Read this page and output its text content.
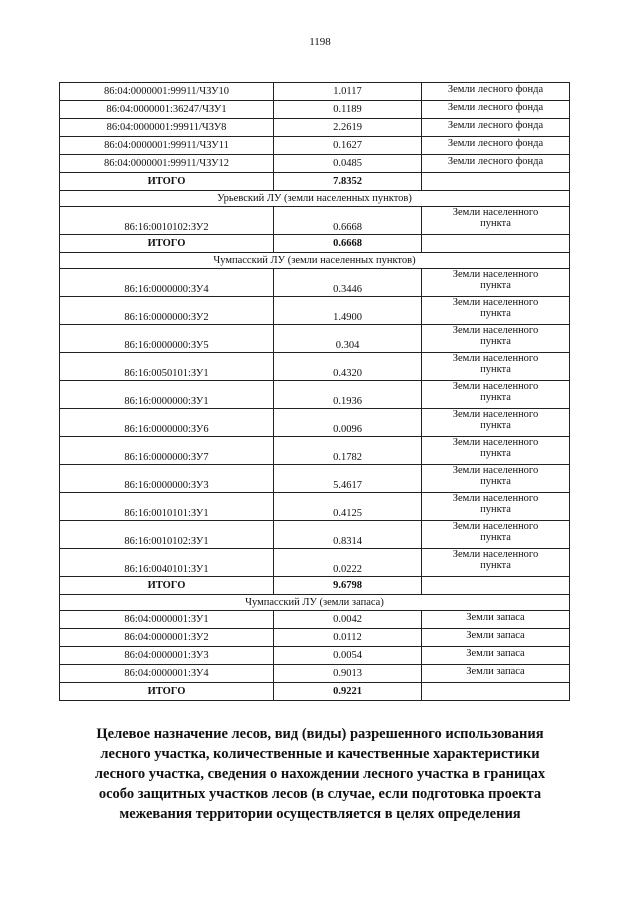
1198
86:04:0000001:99911/ЧЗУ10	1.0117	Земли лесного фонда

86:04:0000001:36247/ЧЗУ1	0.1189	Земли лесного фонда

86:04:0000001:99911/ЧЗУ8	2.2619	Земли лесного фонда

86:04:0000001:99911/ЧЗУ11	0.1627	Земли лесного фонда

86:04:0000001:99911/ЧЗУ12	0.0485	Земли лесного фонда

ИТОГО	7.8352	
Урьевский ЛУ (земли населенных пунктов)		
86:16:0010102:ЗУ2	0.6668	Земли населенного
пункта

ИТОГО	0.6668	
Чумпасский ЛУ (земли населенных пунктов)		
86:16:0000000:ЗУ4	0.3446	Земли населенного
пункта

86:16:0000000:ЗУ2	1.4900	Земли населенного
пункта

86:16:0000000:ЗУ5	0.304	Земли населенного
пункта

86:16:0050101:ЗУ1	0.4320	Земли населенного
пункта

86:16:0000000:ЗУ1	0.1936	Земли населенного
пункта

86:16:0000000:ЗУ6	0.0096	Земли населенного
пункта

86:16:0000000:ЗУ7	0.1782	Земли населенного
пункта

86:16:0000000:ЗУ3	5.4617	Земли населенного
пункта

86:16:0010101:ЗУ1	0.4125	Земли населенного
пункта

86:16:0010102:ЗУ1	0.8314	Земли населенного
пункта

86:16:0040101:ЗУ1	0.0222	Земли населенного
пункта

ИТОГО	9.6798	
Чумпасский ЛУ (земли запаса)		
86:04:0000001:ЗУ1	0.0042	Земли запаса

86:04:0000001:ЗУ2	0.0112	Земли запаса

86:04:0000001:ЗУ3	0.0054	Земли запаса

86:04:0000001:ЗУ4	0.9013	Земли запаса

ИТОГО	0.9221	
Целевое назначение лесов, вид (виды) разрешенного использования
лесного участка, количественные и качественные характеристики
лесного участка, сведения о нахождении лесного участка в границах
особо защитных участков лесов (в случае, если подготовка проекта
межевания территории осуществляется в целях определения
